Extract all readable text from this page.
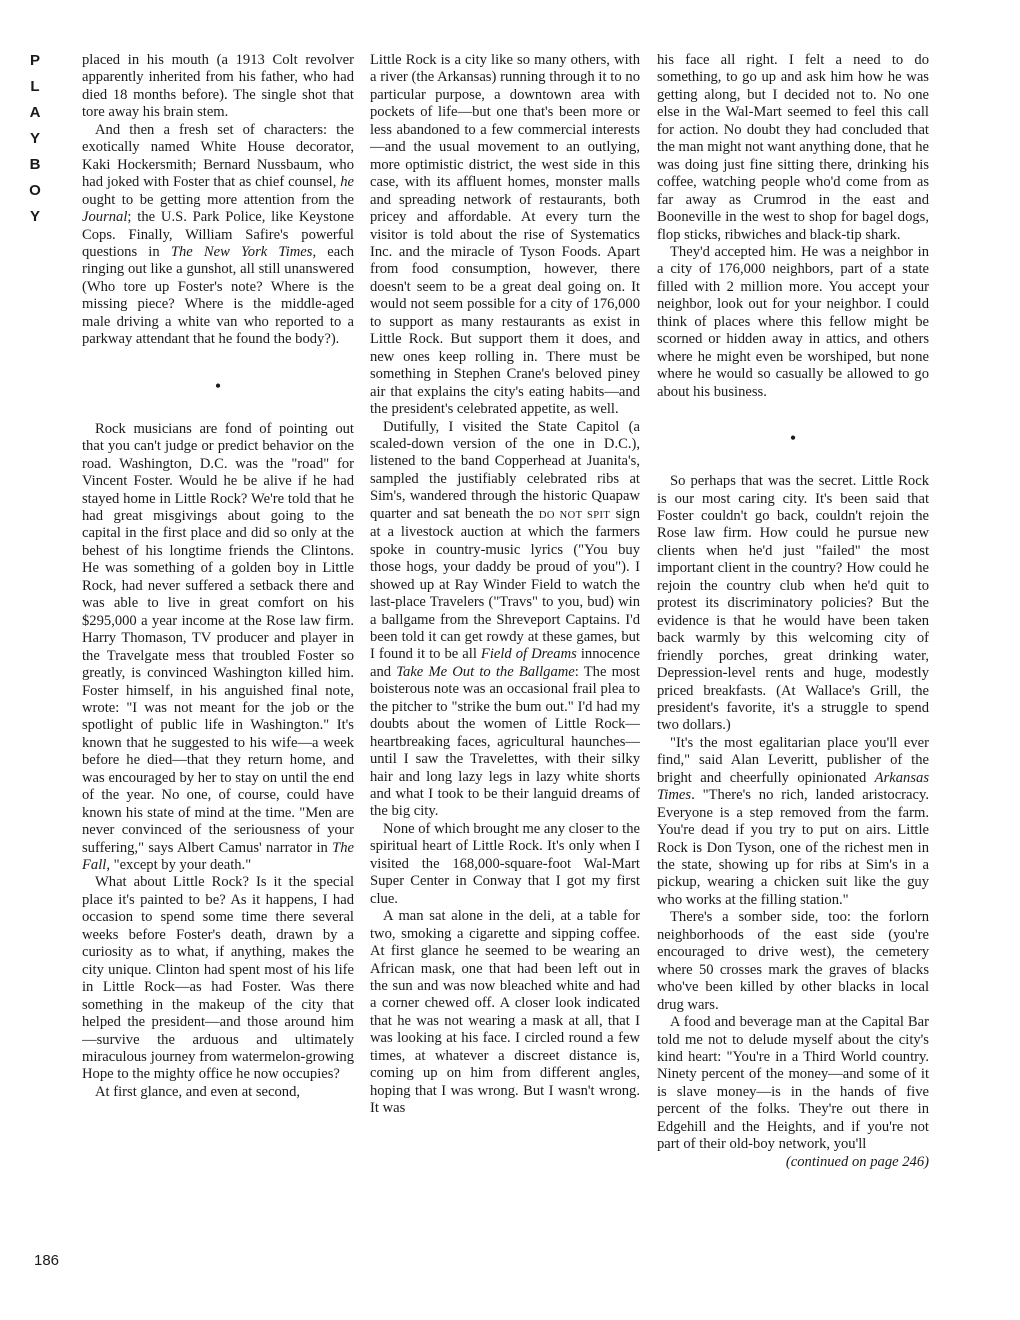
P
L
A
Y
B
O
Y

placed in his mouth (a 1913 Colt revolver apparently inherited from his father, who had died 18 months before). The single shot that tore away his brain stem.

And then a fresh set of characters: the exotically named White House decorator, Kaki Hockersmith; Bernard Nussbaum, who had joked with Foster that as chief counsel, he ought to be getting more attention from the Journal; the U.S. Park Police, like Keystone Cops. Finally, William Safire's powerful questions in The New York Times, each ringing out like a gunshot, all still unanswered (Who tore up Foster's note? Where is the missing piece? Where is the middle-aged male driving a white van who reported to a parkway attendant that he found the body?).

•

Rock musicians are fond of pointing out that you can't judge or predict behavior on the road. Washington, D.C. was the "road" for Vincent Foster. Would he be alive if he had stayed home in Little Rock? We're told that he had great misgivings about going to the capital in the first place and did so only at the behest of his longtime friends the Clintons. He was something of a golden boy in Little Rock, had never suffered a setback there and was able to live in great comfort on his $295,000 a year income at the Rose law firm. Harry Thomason, TV producer and player in the Travelgate mess that troubled Foster so greatly, is convinced Washington killed him. Foster himself, in his anguished final note, wrote: "I was not meant for the job or the spotlight of public life in Washington." It's known that he suggested to his wife—a week before he died—that they return home, and was encouraged by her to stay on until the end of the year. No one, of course, could have known his state of mind at the time. "Men are never convinced of the seriousness of your suffering," says Albert Camus' narrator in The Fall, "except by your death."

What about Little Rock? Is it the special place it's painted to be? As it happens, I had occasion to spend some time there several weeks before Foster's death, drawn by a curiosity as to what, if anything, makes the city unique. Clinton had spent most of his life in Little Rock—as had Foster. Was there something in the makeup of the city that helped the president—and those around him—survive the arduous and ultimately miraculous journey from watermelon-growing Hope to the mighty office he now occupies?

At first glance, and even at second,

Little Rock is a city like so many others, with a river (the Arkansas) running through it to no particular purpose, a downtown area with pockets of life—but one that's been more or less abandoned to a few commercial interests—and the usual movement to an outlying, more optimistic district, the west side in this case, with its affluent homes, monster malls and spreading network of restaurants, both pricey and affordable. At every turn the visitor is told about the rise of Systematics Inc. and the miracle of Tyson Foods. Apart from food consumption, however, there doesn't seem to be a great deal going on. It would not seem possible for a city of 176,000 to support as many restaurants as exist in Little Rock. But support them it does, and new ones keep rolling in. There must be something in Stephen Crane's beloved piney air that explains the city's eating habits—and the president's celebrated appetite, as well.

Dutifully, I visited the State Capitol (a scaled-down version of the one in D.C.), listened to the band Copperhead at Juanita's, sampled the justifiably celebrated ribs at Sim's, wandered through the historic Quapaw quarter and sat beneath the DO NOT SPIT sign at a livestock auction at which the farmers spoke in country-music lyrics ("You buy those hogs, your daddy be proud of you"). I showed up at Ray Winder Field to watch the last-place Travelers ("Travs" to you, bud) win a ballgame from the Shreveport Captains. I'd been told it can get rowdy at these games, but I found it to be all Field of Dreams innocence and Take Me Out to the Ballgame: The most boisterous note was an occasional frail plea to the pitcher to "strike the bum out." I'd had my doubts about the women of Little Rock—heartbreaking faces, agricultural haunches—until I saw the Travelettes, with their silky hair and long lazy legs in lazy white shorts and what I took to be their languid dreams of the big city.

None of which brought me any closer to the spiritual heart of Little Rock. It's only when I visited the 168,000-square-foot Wal-Mart Super Center in Conway that I got my first clue.

A man sat alone in the deli, at a table for two, smoking a cigarette and sipping coffee. At first glance he seemed to be wearing an African mask, one that had been left out in the sun and was now bleached white and had a corner chewed off. A closer look indicated that he was not wearing a mask at all, that I was looking at his face. I circled round a few times, at whatever a discreet distance is, coming up on him from different angles, hoping that I was wrong. But I wasn't wrong. It was

his face all right. I felt a need to do something, to go up and ask him how he was getting along, but I decided not to. No one else in the Wal-Mart seemed to feel this call for action. No doubt they had concluded that the man might not want anything done, that he was doing just fine sitting there, drinking his coffee, watching people who'd come from as far away as Crumrod in the east and Booneville in the west to shop for bagel dogs, flop sticks, ribwiches and black-tip shark.

They'd accepted him. He was a neighbor in a city of 176,000 neighbors, part of a state filled with 2 million more. You accept your neighbor, look out for your neighbor. I could think of places where this fellow might be scorned or hidden away in attics, and others where he might even be worshiped, but none where he would so casually be allowed to go about his business.

•

So perhaps that was the secret. Little Rock is our most caring city. It's been said that Foster couldn't go back, couldn't rejoin the Rose law firm. How could he pursue new clients when he'd just "failed" the most important client in the country? How could he rejoin the country club when he'd quit to protest its discriminatory policies? But the evidence is that he would have been taken back warmly by this welcoming city of friendly porches, great drinking water, Depression-level rents and huge, modestly priced breakfasts. (At Wallace's Grill, the president's favorite, it's a struggle to spend two dollars.)

"It's the most egalitarian place you'll ever find," said Alan Leveritt, publisher of the bright and cheerfully opinionated Arkansas Times. "There's no rich, landed aristocracy. Everyone is a step removed from the farm. You're dead if you try to put on airs. Little Rock is Don Tyson, one of the richest men in the state, showing up for ribs at Sim's in a pickup, wearing a chicken suit like the guy who works at the filling station."

There's a somber side, too: the forlorn neighborhoods of the east side (you're encouraged to drive west), the cemetery where 50 crosses mark the graves of blacks who've been killed by other blacks in local drug wars.

A food and beverage man at the Capital Bar told me not to delude myself about the city's kind heart: "You're in a Third World country. Ninety percent of the money—and some of it is slave money—is in the hands of five percent of the folks. They're out there in Edgehill and the Heights, and if you're not part of their old-boy network, you'll

(continued on page 246)

186
